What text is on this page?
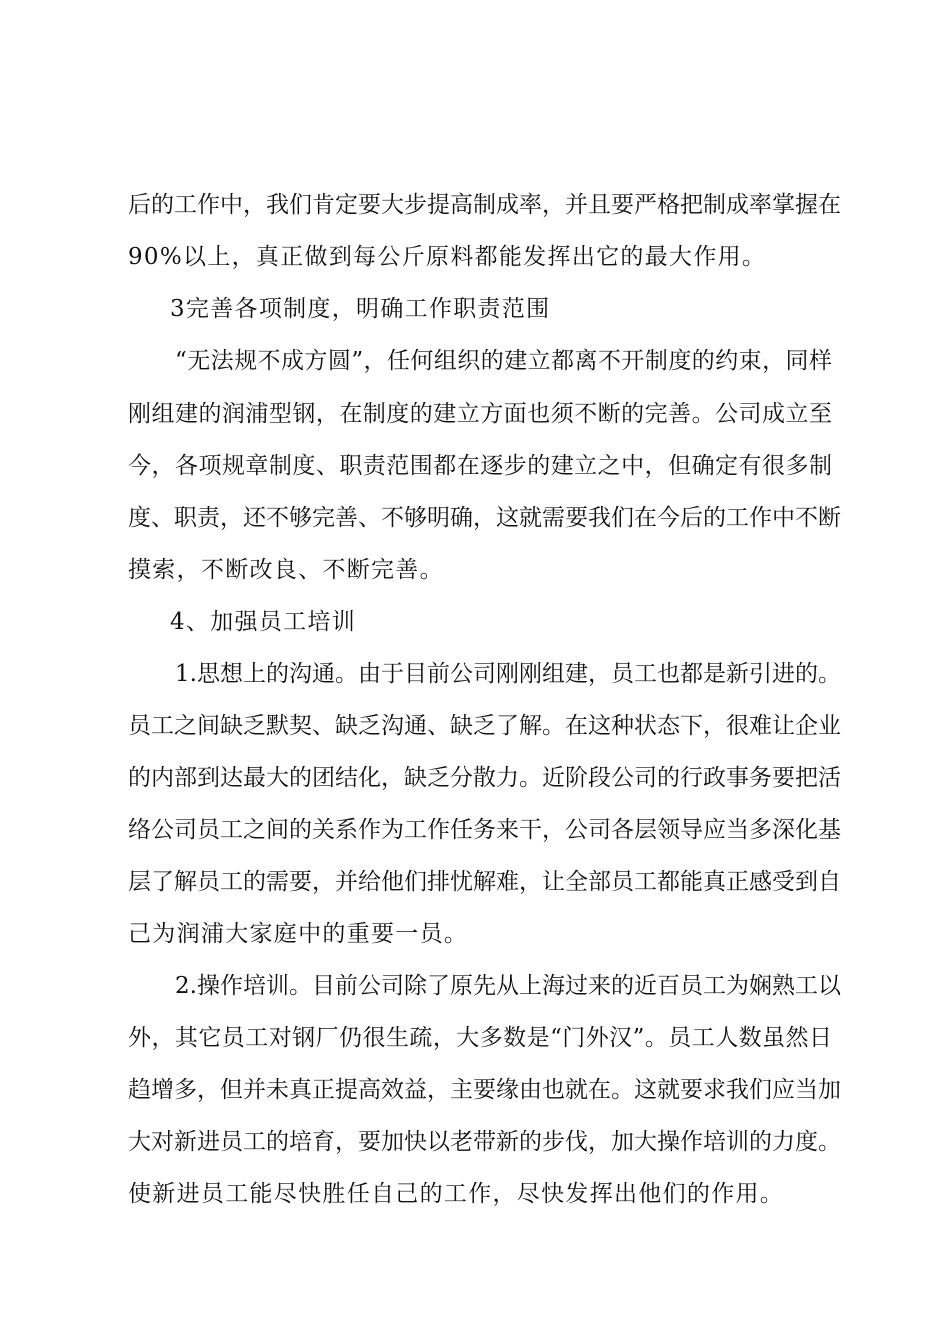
后的工作中，我们肯定要大步提高制成率，并且要严格把制成率掌握在
90%以上，真正做到每公斤原料都能发挥出它的最大作用。
3完善各项制度，明确工作职责范围
“无法规不成方圆”，任何组织的建立都离不开制度的约束，同样
刚组建的润浦型钢，在制度的建立方面也须不断的完善。公司成立至
今，各项规章制度、职责范围都在逐步的建立之中，但确定有很多制
度、职责，还不够完善、不够明确，这就需要我们在今后的工作中不断
摸索，不断改良、不断完善。
4、加强员工培训
1.思想上的沟通。由于目前公司刚刚组建，员工也都是新引进的。
员工之间缺乏默契、缺乏沟通、缺乏了解。在这种状态下，很难让企业
的内部到达最大的团结化，缺乏分散力。近阶段公司的行政事务要把活
络公司员工之间的关系作为工作任务来干，公司各层领导应当多深化基
层了解员工的需要，并给他们排忧解难，让全部员工都能真正感受到自
己为润浦大家庭中的重要一员。
2.操作培训。目前公司除了原先从上海过来的近百员工为娴熟工以
外，其它员工对钢厂仍很生疏，大多数是“门外汉”。员工人数虽然日
趋增多，但并未真正提高效益，主要缘由也就在。这就要求我们应当加
大对新进员工的培育，要加快以老带新的步伐，加大操作培训的力度。
使新进员工能尽快胜任自己的工作，尽快发挥出他们的作用。
